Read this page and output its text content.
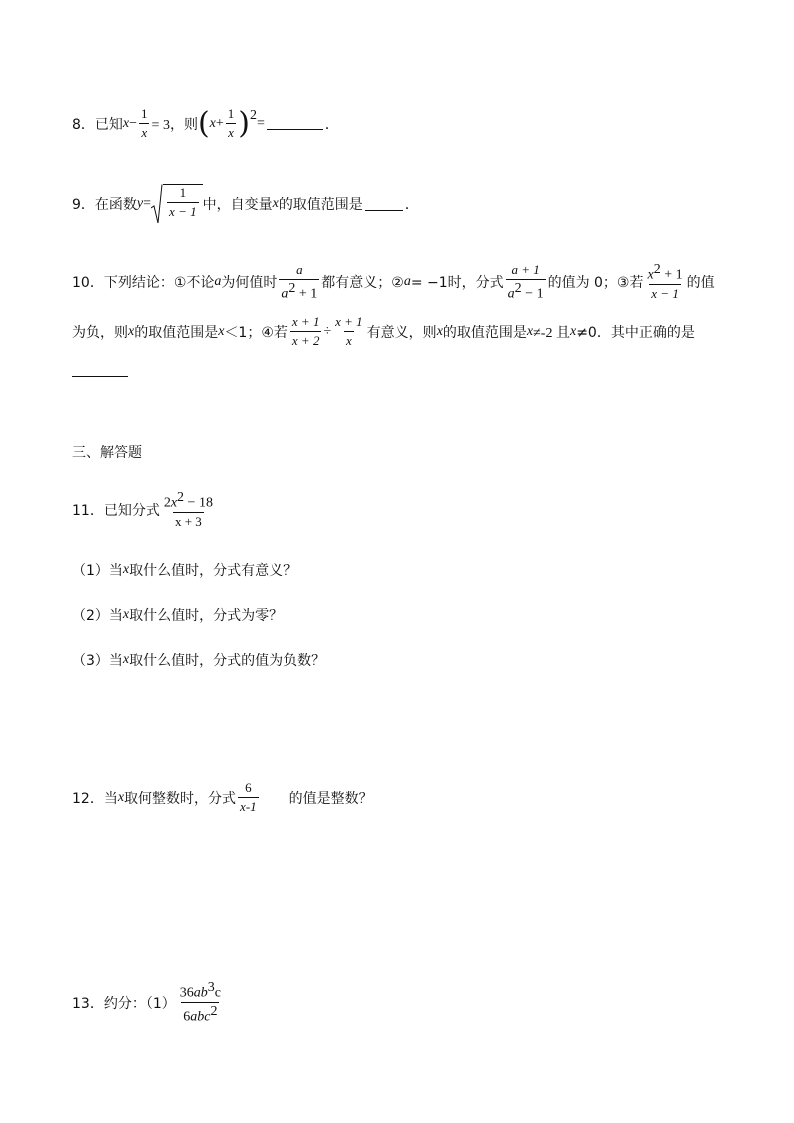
8．已知 $x - \frac{1}{x} = 3$，则 ( $x + \frac{1}{x}$ ) 2 =	．
9．在函数 $y = \frac{1}{x - 1}$ 中，自变量 x 的取值范围是	．
10．下列结论：①不论 a 为何值时 $\frac{a}{a^2 + 1}$ 都有意义；② a = −1时，分式 $\frac{a + 1}{a^2 - 1}$ 的值为 0；③若 $\frac{x^2 + 1}{x - 1}$ 的值
为负，则 x 的取值范围是 x ＜1；④若 $\frac{x + 1}{x + 2} \div \frac{x + 1}{x}$ 有意义，则 x 的取值范围是 x ≠-2 且 x ≠0．其中正确的是
三、解答题
11．已知分式 $\frac{2x^2 - 18}{x + 3}$
（1）当 x 取什么值时，分式有意义？
（2）当 x 取什么值时，分式为零？
（3）当 x 取什么值时，分式的值为负数？
12．当 x 取何整数时，分式 $\frac{6}{x-1}$ 的值是整数？
13．约分：$(1) \frac{36ab^3c}{6abc^2}$
